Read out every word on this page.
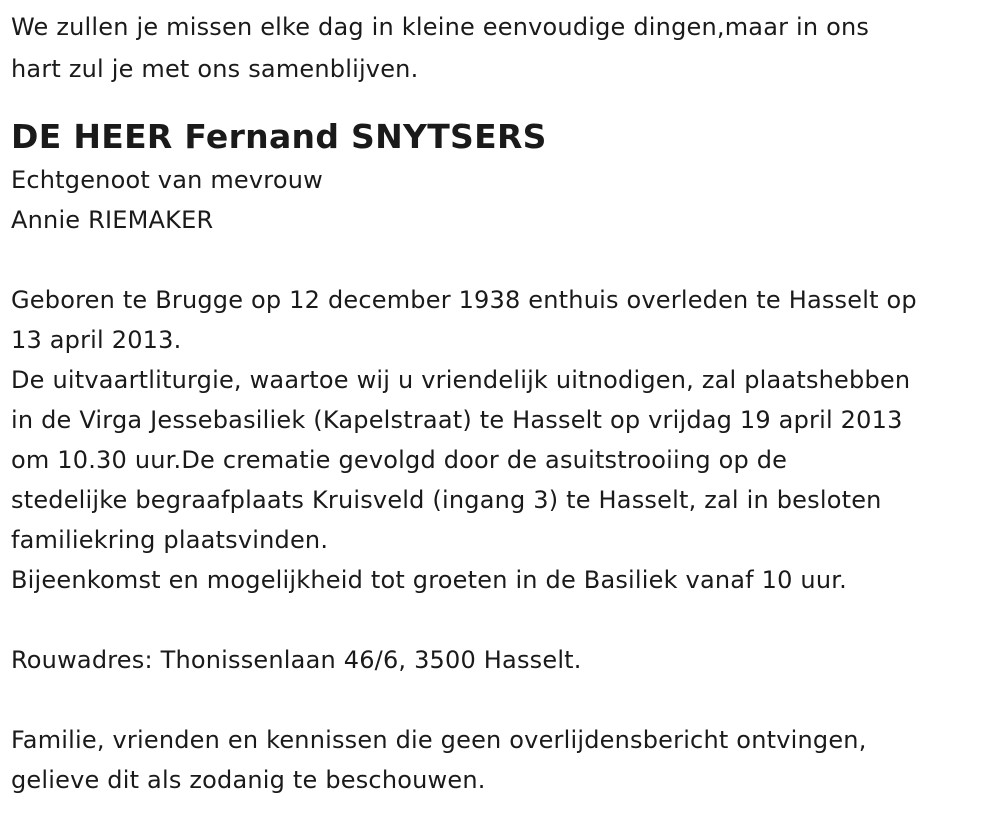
We zullen je missen elke dag in kleine eenvoudige dingen,maar in ons
hart zul je met ons samenblijven.
DE HEER Fernand SNYTSERS
Echtgenoot van mevrouw
Annie RIEMAKER
Geboren te Brugge op 12 december 1938 enthuis overleden te Hasselt op
13 april 2013.
De uitvaartliturgie, waartoe wij u vriendelijk uitnodigen, zal plaatshebben
in de Virga Jessebasiliek (Kapelstraat) te Hasselt op vrijdag 19 april 2013
om 10.30 uur.De crematie gevolgd door de asuitstrooiing op de
stedelijke begraafplaats Kruisveld (ingang 3) te Hasselt, zal in besloten
familiekring plaatsvinden.
Bijeenkomst en mogelijkheid tot groeten in de Basiliek vanaf 10 uur.
Rouwadres: Thonissenlaan 46/6, 3500 Hasselt.
Familie, vrienden en kennissen die geen overlijdensbericht ontvingen,
gelieve dit als zodanig te beschouwen.
